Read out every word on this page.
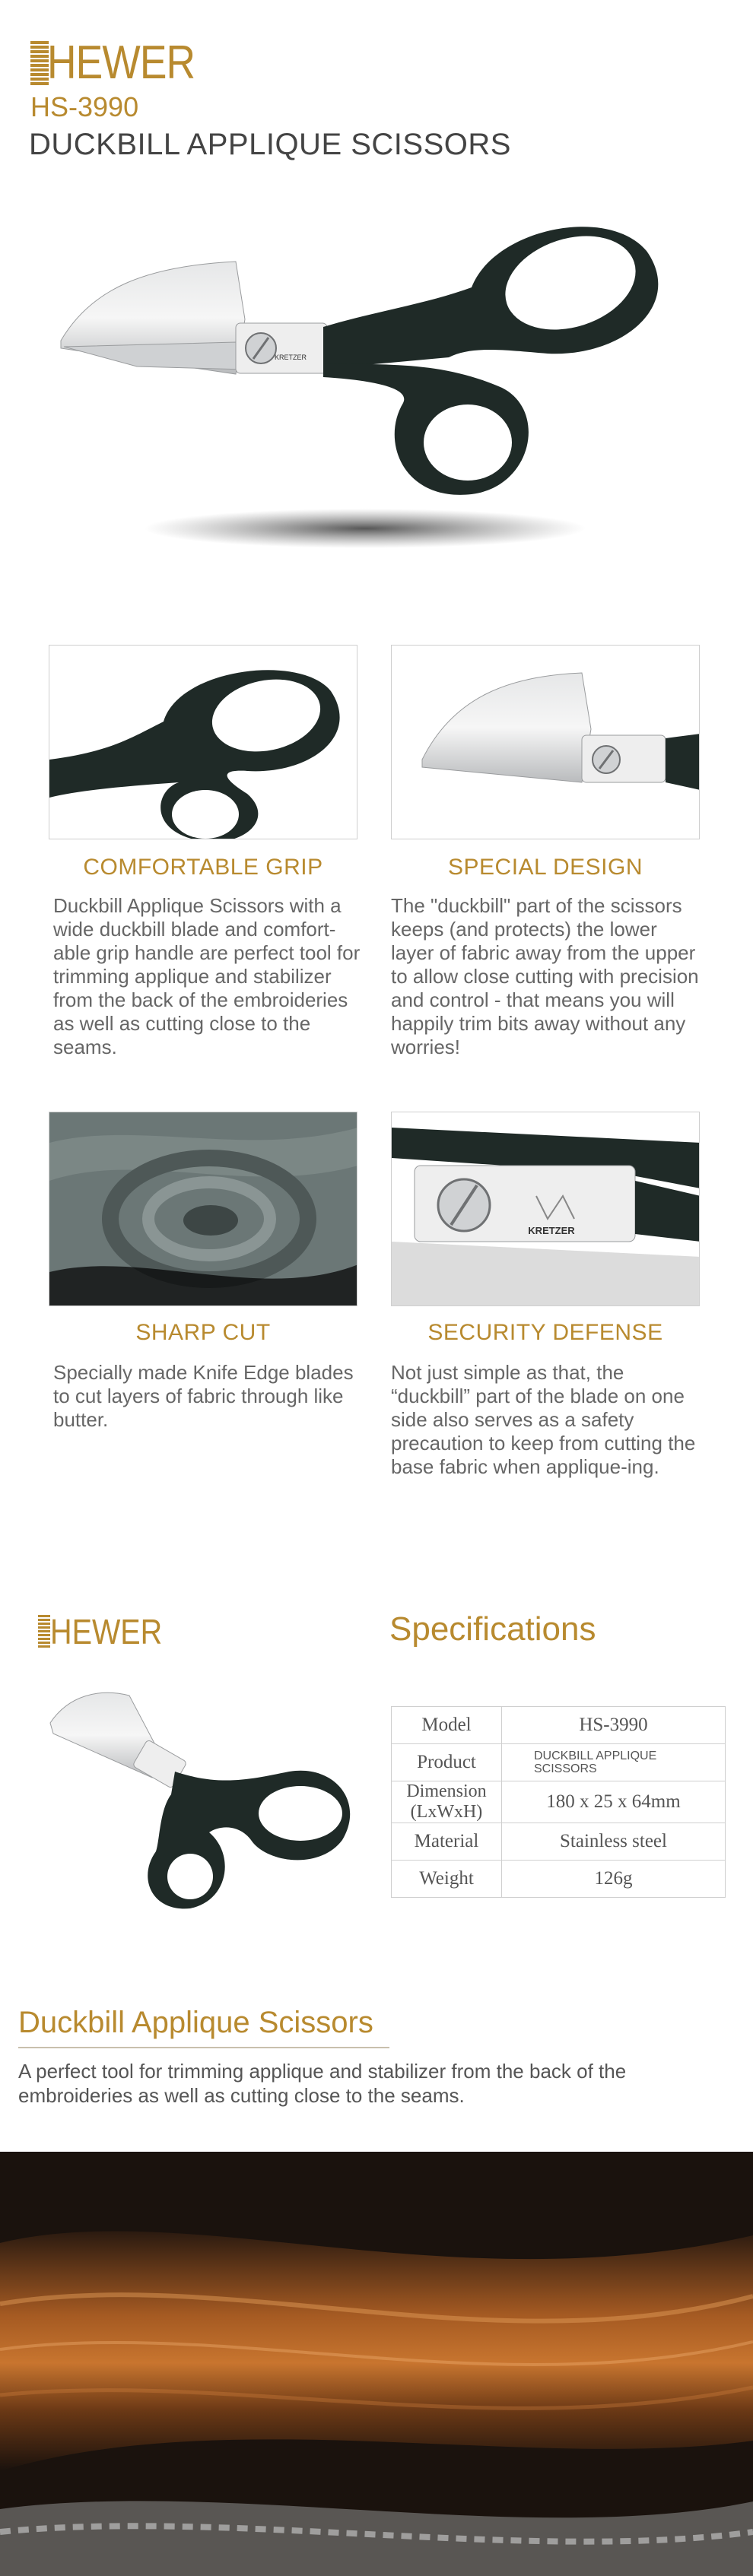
HEWER
HS-3990
DUCKBILL APPLIQUE SCISSORS
KRETZER
COMFORTABLE GRIP
Duckbill Applique Scissors with a wide duckbill blade and comfort-able grip handle are perfect tool for trimming applique and stabilizer from the back of the embroideries as well as cutting close to the seams.
SPECIAL DESIGN
The "duckbill" part of the scissors keeps (and protects) the lower layer of fabric away from the upper to allow close cutting with precision and control - that means you will happily trim bits away without any worries!
SHARP CUT
Specially made Knife Edge blades to cut layers of fabric through like butter.
KRETZER
SECURITY DEFENSE
Not just simple as that, the “duckbill” part of the blade on one side also serves as a safety precaution to keep from cutting the base fabric when applique-ing.
HEWER	Specifications
Model	HS-3990
Product	DUCKBILL APPLIQUE
SCISSORS
Dimension
(LxWxH)	180 x 25 x 64mm
Material	Stainless steel
Weight	126g
Duckbill Applique Scissors
A perfect tool for trimming applique and stabilizer from the back of the embroideries as well as cutting close to the seams.
